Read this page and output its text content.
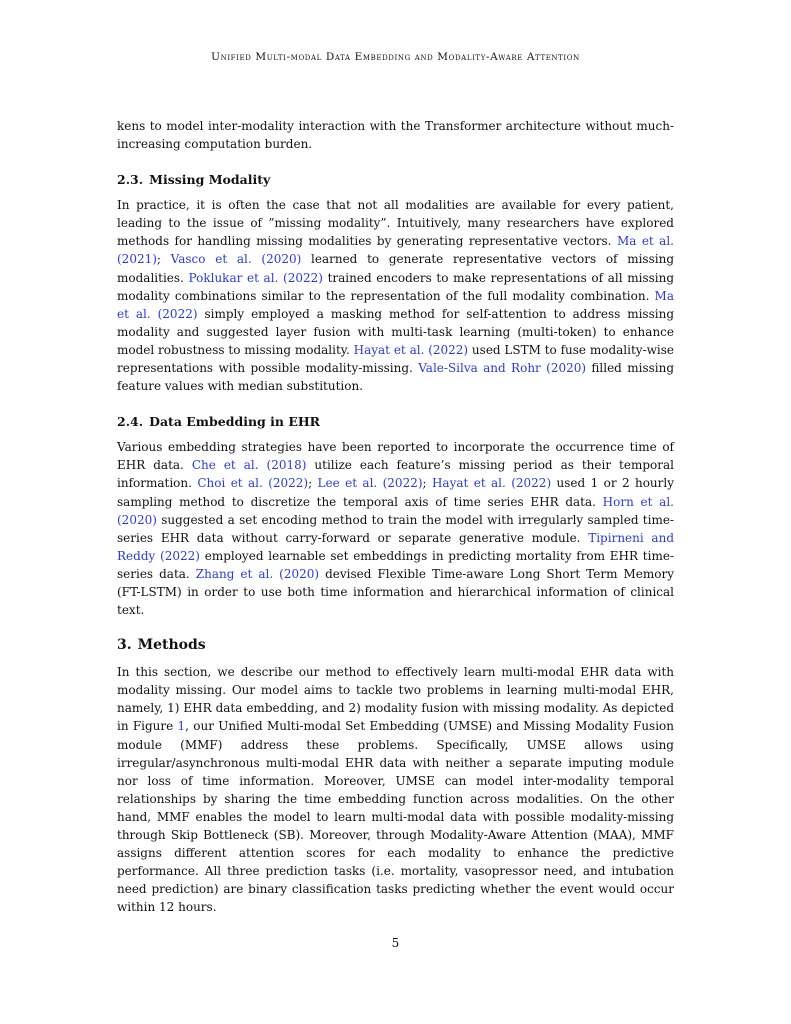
Unified Multi-modal Data Embedding and Modality-Aware Attention

kens to model inter-modality interaction with the Transformer architecture without much-increasing computation burden.

2.3. Missing Modality

In practice, it is often the case that not all modalities are available for every patient, leading to the issue of ”missing modality”. Intuitively, many researchers have explored methods for handling missing modalities by generating representative vectors. Ma et al. (2021); Vasco et al. (2020) learned to generate representative vectors of missing modalities. Poklukar et al. (2022) trained encoders to make representations of all missing modality combinations similar to the representation of the full modality combination. Ma et al. (2022) simply employed a masking method for self-attention to address missing modality and suggested layer fusion with multi-task learning (multi-token) to enhance model robustness to missing modality. Hayat et al. (2022) used LSTM to fuse modality-wise representations with possible modality-missing. Vale-Silva and Rohr (2020) filled missing feature values with median substitution.

2.4. Data Embedding in EHR

Various embedding strategies have been reported to incorporate the occurrence time of EHR data. Che et al. (2018) utilize each feature’s missing period as their temporal information. Choi et al. (2022); Lee et al. (2022); Hayat et al. (2022) used 1 or 2 hourly sampling method to discretize the temporal axis of time series EHR data. Horn et al. (2020) suggested a set encoding method to train the model with irregularly sampled time-series EHR data without carry-forward or separate generative module. Tipirneni and Reddy (2022) employed learnable set embeddings in predicting mortality from EHR time-series data. Zhang et al. (2020) devised Flexible Time-aware Long Short Term Memory (FT-LSTM) in order to use both time information and hierarchical information of clinical text.

3. Methods

In this section, we describe our method to effectively learn multi-modal EHR data with modality missing. Our model aims to tackle two problems in learning multi-modal EHR, namely, 1) EHR data embedding, and 2) modality fusion with missing modality. As depicted in Figure 1, our Unified Multi-modal Set Embedding (UMSE) and Missing Modality Fusion module (MMF) address these problems. Specifically, UMSE allows using irregular/asynchronous multi-modal EHR data with neither a separate imputing module nor loss of time information. Moreover, UMSE can model inter-modality temporal relationships by sharing the time embedding function across modalities. On the other hand, MMF enables the model to learn multi-modal data with possible modality-missing through Skip Bottleneck (SB). Moreover, through Modality-Aware Attention (MAA), MMF assigns different attention scores for each modality to enhance the predictive performance. All three prediction tasks (i.e. mortality, vasopressor need, and intubation need prediction) are binary classification tasks predicting whether the event would occur within 12 hours.

5
